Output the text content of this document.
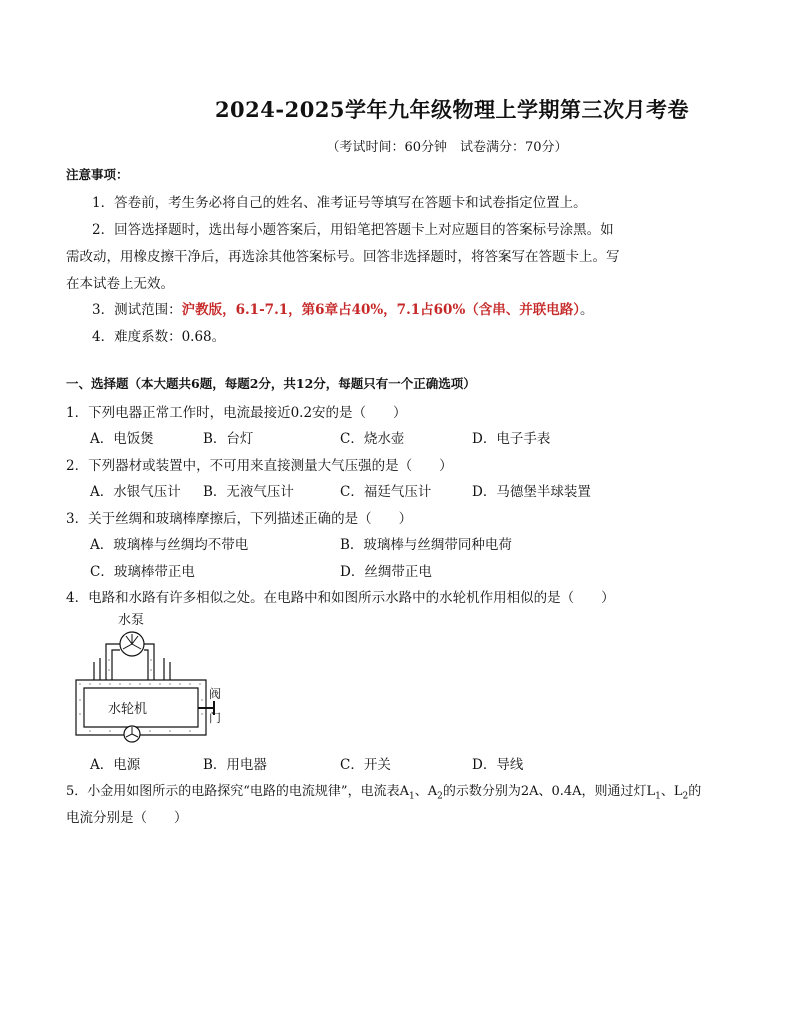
2024-2025学年九年级物理上学期第三次月考卷
（考试时间：60分钟　试卷满分：70分）
注意事项：
1．答卷前，考生务必将自己的姓名、准考证号等填写在答题卡和试卷指定位置上。
2．回答选择题时，选出每小题答案后，用铅笔把答题卡上对应题目的答案标号涂黑。如
需改动，用橡皮擦干净后，再选涂其他答案标号。回答非选择题时，将答案写在答题卡上。写
在本试卷上无效。
3．测试范围：沪教版，6.1-7.1，第6章占40%，7.1占60%（含串、并联电路）。
4．难度系数：0.68。
一、选择题（本大题共6题，每题2分，共12分，每题只有一个正确选项）
1．下列电器正常工作时，电流最接近0.2安的是（　　）
A．电饭煲	B．台灯	C．烧水壶	D．电子手表
2．下列器材或装置中，不可用来直接测量大气压强的是（　　）
A．水银气压计 B．无液气压计	C．福廷气压计	D．马德堡半球装置
3．关于丝绸和玻璃棒摩擦后，下列描述正确的是（　　）
A．玻璃棒与丝绸均不带电	B．玻璃棒与丝绸带同种电荷
C．玻璃棒带正电	D．丝绸带正电
4．电路和水路有许多相似之处。在电路中和如图所示水路中的水轮机作用相似的是（　　）
水泵
水轮机
阀
门
A．电源	B．用电器	C．开关	D．导线
5．小金用如图所示的电路探究“电路的电流规律”，电流表$A_1$、$A_2$的示数分别为2A、0.4A，则通过灯$L_1$、$L_2$的
电流分别是（　　）
